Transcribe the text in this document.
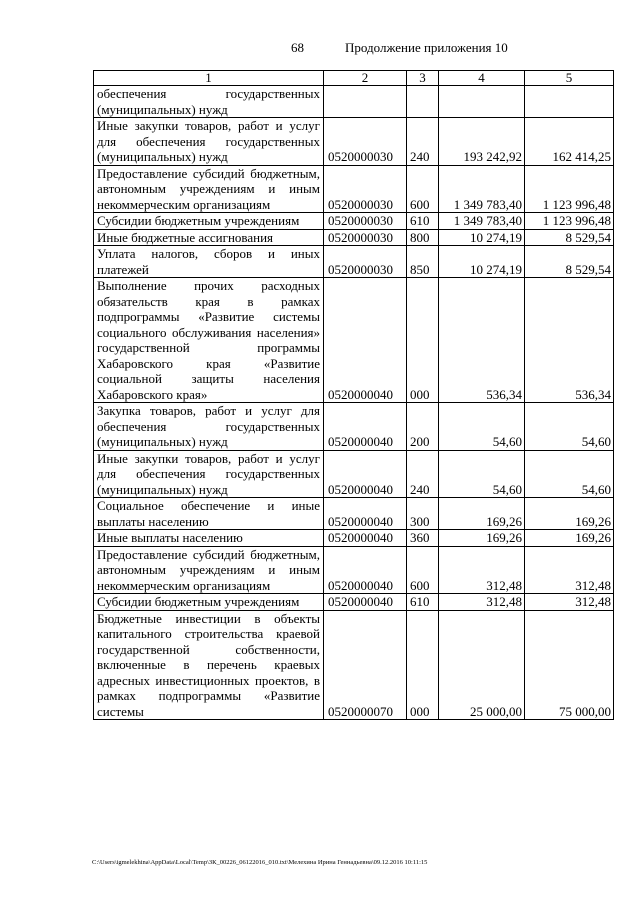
68	Продолжение приложения 10
1	2	3	4	5
обеспечения государственных (муниципальных) нужд				
Иные закупки товаров, работ и услуг для обеспечения государственных (муниципальных) нужд	0520000030	240	193 242,92	162 414,25
Предоставление субсидий бюджетным, автономным учреждениям и иным некоммерческим организациям	0520000030	600	1 349 783,40	1 123 996,48
Субсидии бюджетным учреждениям	0520000030	610	1 349 783,40	1 123 996,48
Иные бюджетные ассигнования	0520000030	800	10 274,19	8 529,54
Уплата налогов, сборов и иных платежей	0520000030	850	10 274,19	8 529,54
Выполнение прочих расходных обязательств края в рамках подпрограммы «Развитие системы социального обслуживания населения» государственной программы Хабаровского края «Развитие социальной защиты населения Хабаровского края»	0520000040	000	536,34	536,34
Закупка товаров, работ и услуг для обеспечения государственных (муниципальных) нужд	0520000040	200	54,60	54,60
Иные закупки товаров, работ и услуг для обеспечения государственных (муниципальных) нужд	0520000040	240	54,60	54,60
Социальное обеспечение и иные выплаты населению	0520000040	300	169,26	169,26
Иные выплаты населению	0520000040	360	169,26	169,26
Предоставление субсидий бюджетным, автономным учреждениям и иным некоммерческим организациям	0520000040	600	312,48	312,48
Субсидии бюджетным учреждениям	0520000040	610	312,48	312,48
Бюджетные инвестиции в объекты капитального строительства краевой государственной собственности, включенные в перечень краевых адресных инвестиционных проектов, в рамках подпрограммы «Развитие системы	0520000070	000	25 000,00	75 000,00
C:\Users\igmelekhina\AppData\Local\Temp\ЗК_00226_06122016_010.txt\Мелехина Ирина Геннадьевна\09.12.2016 10:11:15
